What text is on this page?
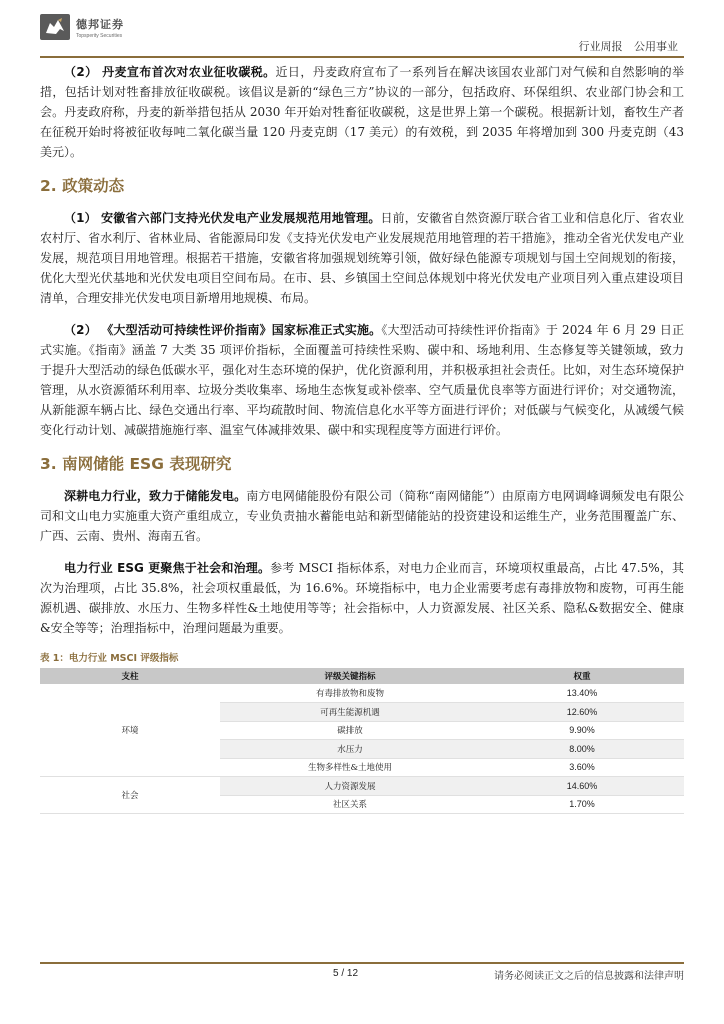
德邦证券
Topsperity Securities
行业周报 公用事业

（2） 丹麦宣布首次对农业征收碳税。近日，丹麦政府宣布了一系列旨在解决该国农业部门对气候和自然影响的举措，包括计划对牲畜排放征收碳税。该倡议是新的“绿色三方”协议的一部分，包括政府、环保组织、农业部门协会和工会。丹麦政府称，丹麦的新举措包括从 2030 年开始对牲畜征收碳税，这是世界上第一个碳税。根据新计划，畜牧生产者在征税开始时将被征收每吨二氧化碳当量 120 丹麦克朗（17 美元）的有效税，到 2035 年将增加到 300 丹麦克朗（43 美元）。

2. 政策动态

（1） 安徽省六部门支持光伏发电产业发展规范用地管理。日前，安徽省自然资源厅联合省工业和信息化厅、省农业农村厅、省水利厅、省林业局、省能源局印发《支持光伏发电产业发展规范用地管理的若干措施》，推动全省光伏发电产业发展，规范项目用地管理。根据若干措施，安徽省将加强规划统筹引领，做好绿色能源专项规划与国土空间规划的衔接，优化大型光伏基地和光伏发电项目空间布局。在市、县、乡镇国土空间总体规划中将光伏发电产业项目列入重点建设项目清单，合理安排光伏发电项目新增用地规模、布局。

（2） 《大型活动可持续性评价指南》国家标准正式实施。《大型活动可持续性评价指南》于 2024 年 6 月 29 日正式实施。《指南》涵盖 7 大类 35 项评价指标，全面覆盖可持续性采购、碳中和、场地利用、生态修复等关键领域，致力于提升大型活动的绿色低碳水平，强化对生态环境的保护，优化资源利用，并积极承担社会责任。比如，对生态环境保护管理，从水资源循环利用率、垃圾分类收集率、场地生态恢复或补偿率、空气质量优良率等方面进行评价；对交通物流，从新能源车辆占比、绿色交通出行率、平均疏散时间、物流信息化水平等方面进行评价；对低碳与气候变化，从减缓气候变化行动计划、减碳措施施行率、温室气体减排效果、碳中和实现程度等方面进行评价。

3. 南网储能 ESG 表现研究

深耕电力行业，致力于储能发电。南方电网储能股份有限公司（简称“南网储能”）由原南方电网调峰调频发电有限公司和文山电力实施重大资产重组成立，专业负责抽水蓄能电站和新型储能站的投资建设和运维生产，业务范围覆盖广东、广西、云南、贵州、海南五省。

电力行业 ESG 更聚焦于社会和治理。参考 MSCI 指标体系，对电力企业而言，环境项权重最高，占比 47.5%，其次为治理项，占比 35.8%，社会项权重最低，为 16.6%。环境指标中，电力企业需要考虑有毒排放物和废物，可再生能源机遇、碳排放、水压力、生物多样性&土地使用等等；社会指标中，人力资源发展、社区关系、隐私&数据安全、健康&安全等等；治理指标中，治理问题最为重要。

表 1：电力行业 MSCI 评级指标
支柱	评级关键指标	权重
环境	有毒排放物和废物	13.40%
	可再生能源机遇	12.60%
	碳排放	9.90%
	水压力	8.00%
	生物多样性&土地使用	3.60%
社会	人力资源发展	14.60%
	社区关系	1.70%
5 / 12	请务必阅读正文之后的信息披露和法律声明
